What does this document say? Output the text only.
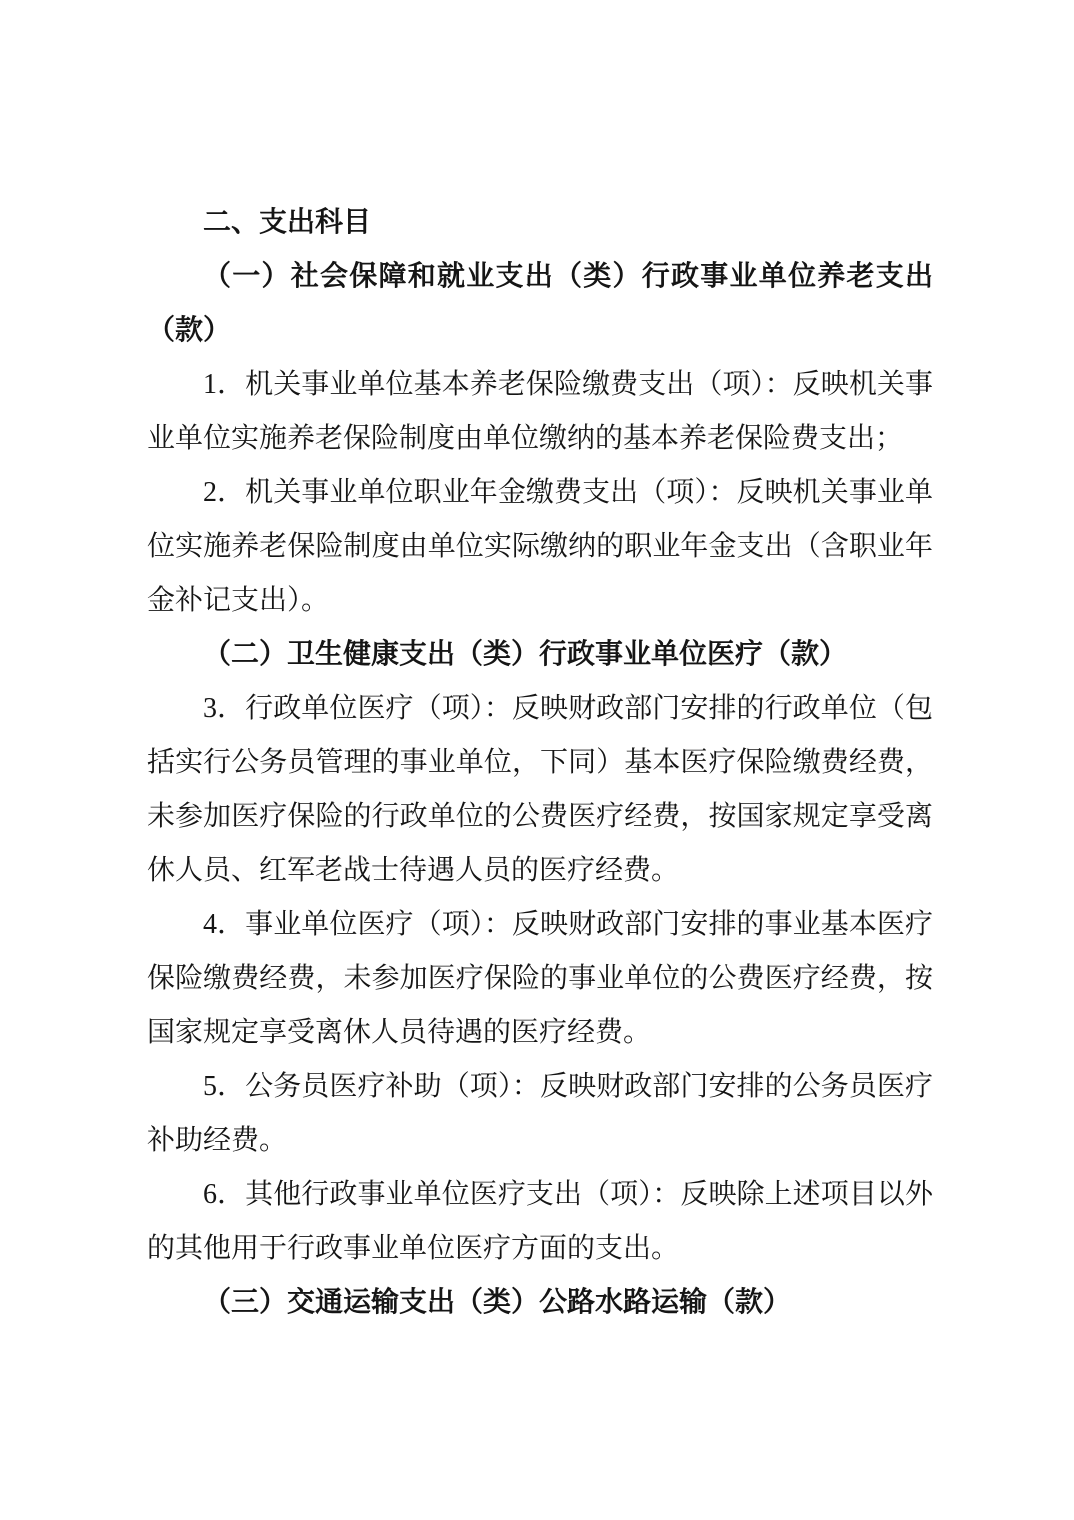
二、支出科目

（一）社会保障和就业支出（类）行政事业单位养老支出（款）

1．机关事业单位基本养老保险缴费支出（项）：反映机关事业单位实施养老保险制度由单位缴纳的基本养老保险费支出；

2．机关事业单位职业年金缴费支出（项）：反映机关事业单位实施养老保险制度由单位实际缴纳的职业年金支出（含职业年金补记支出）。

（二）卫生健康支出（类）行政事业单位医疗（款）

3．行政单位医疗（项）：反映财政部门安排的行政单位（包括实行公务员管理的事业单位，下同）基本医疗保险缴费经费，未参加医疗保险的行政单位的公费医疗经费，按国家规定享受离休人员、红军老战士待遇人员的医疗经费。

4．事业单位医疗（项）：反映财政部门安排的事业基本医疗保险缴费经费，未参加医疗保险的事业单位的公费医疗经费，按国家规定享受离休人员待遇的医疗经费。

5．公务员医疗补助（项）：反映财政部门安排的公务员医疗补助经费。

6．其他行政事业单位医疗支出（项）：反映除上述项目以外的其他用于行政事业单位医疗方面的支出。

（三）交通运输支出（类）公路水路运输（款）
